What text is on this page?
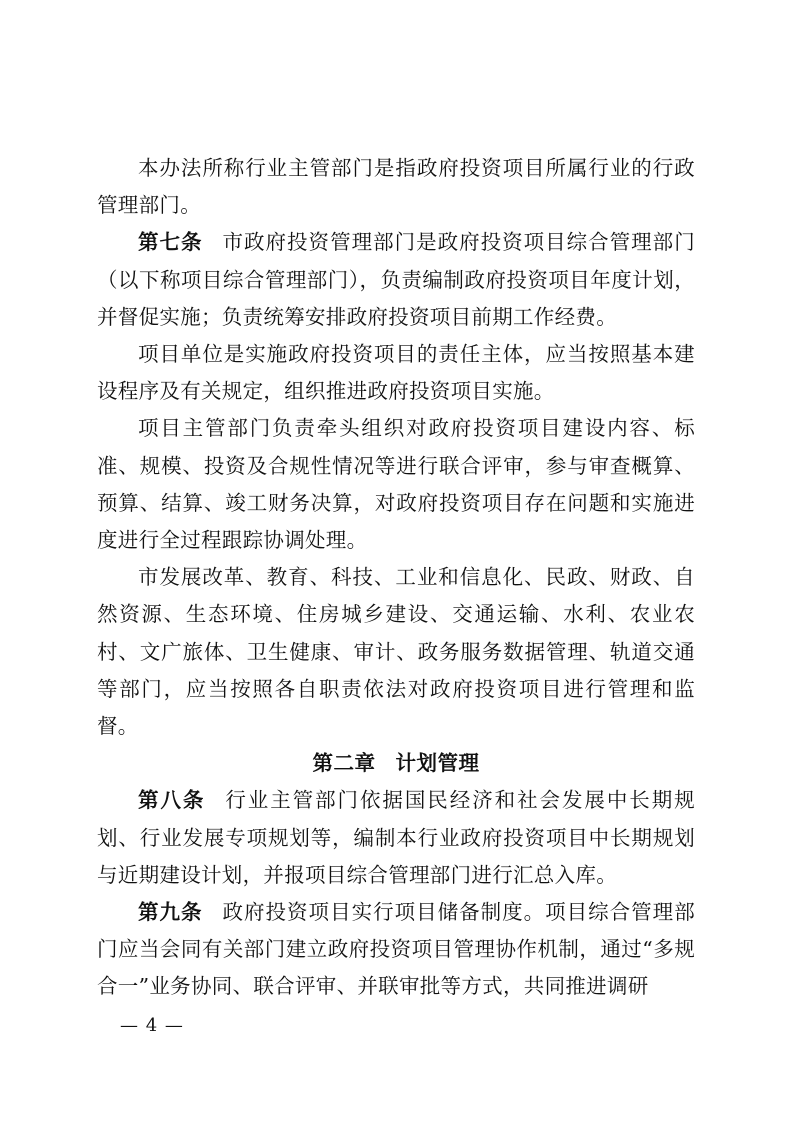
本办法所称行业主管部门是指政府投资项目所属行业的行政管理部门。

第七条 市政府投资管理部门是政府投资项目综合管理部门（以下称项目综合管理部门），负责编制政府投资项目年度计划，并督促实施；负责统筹安排政府投资项目前期工作经费。

项目单位是实施政府投资项目的责任主体，应当按照基本建设程序及有关规定，组织推进政府投资项目实施。

项目主管部门负责牵头组织对政府投资项目建设内容、标准、规模、投资及合规性情况等进行联合评审，参与审查概算、预算、结算、竣工财务决算，对政府投资项目存在问题和实施进度进行全过程跟踪协调处理。

市发展改革、教育、科技、工业和信息化、民政、财政、自然资源、生态环境、住房城乡建设、交通运输、水利、农业农村、文广旅体、卫生健康、审计、政务服务数据管理、轨道交通等部门，应当按照各自职责依法对政府投资项目进行管理和监督。

第二章 计划管理

第八条 行业主管部门依据国民经济和社会发展中长期规划、行业发展专项规划等，编制本行业政府投资项目中长期规划与近期建设计划，并报项目综合管理部门进行汇总入库。

第九条 政府投资项目实行项目储备制度。项目综合管理部门应当会同有关部门建立政府投资项目管理协作机制，通过“多规合一”业务协同、联合评审、并联审批等方式，共同推进调研

— 4 —
